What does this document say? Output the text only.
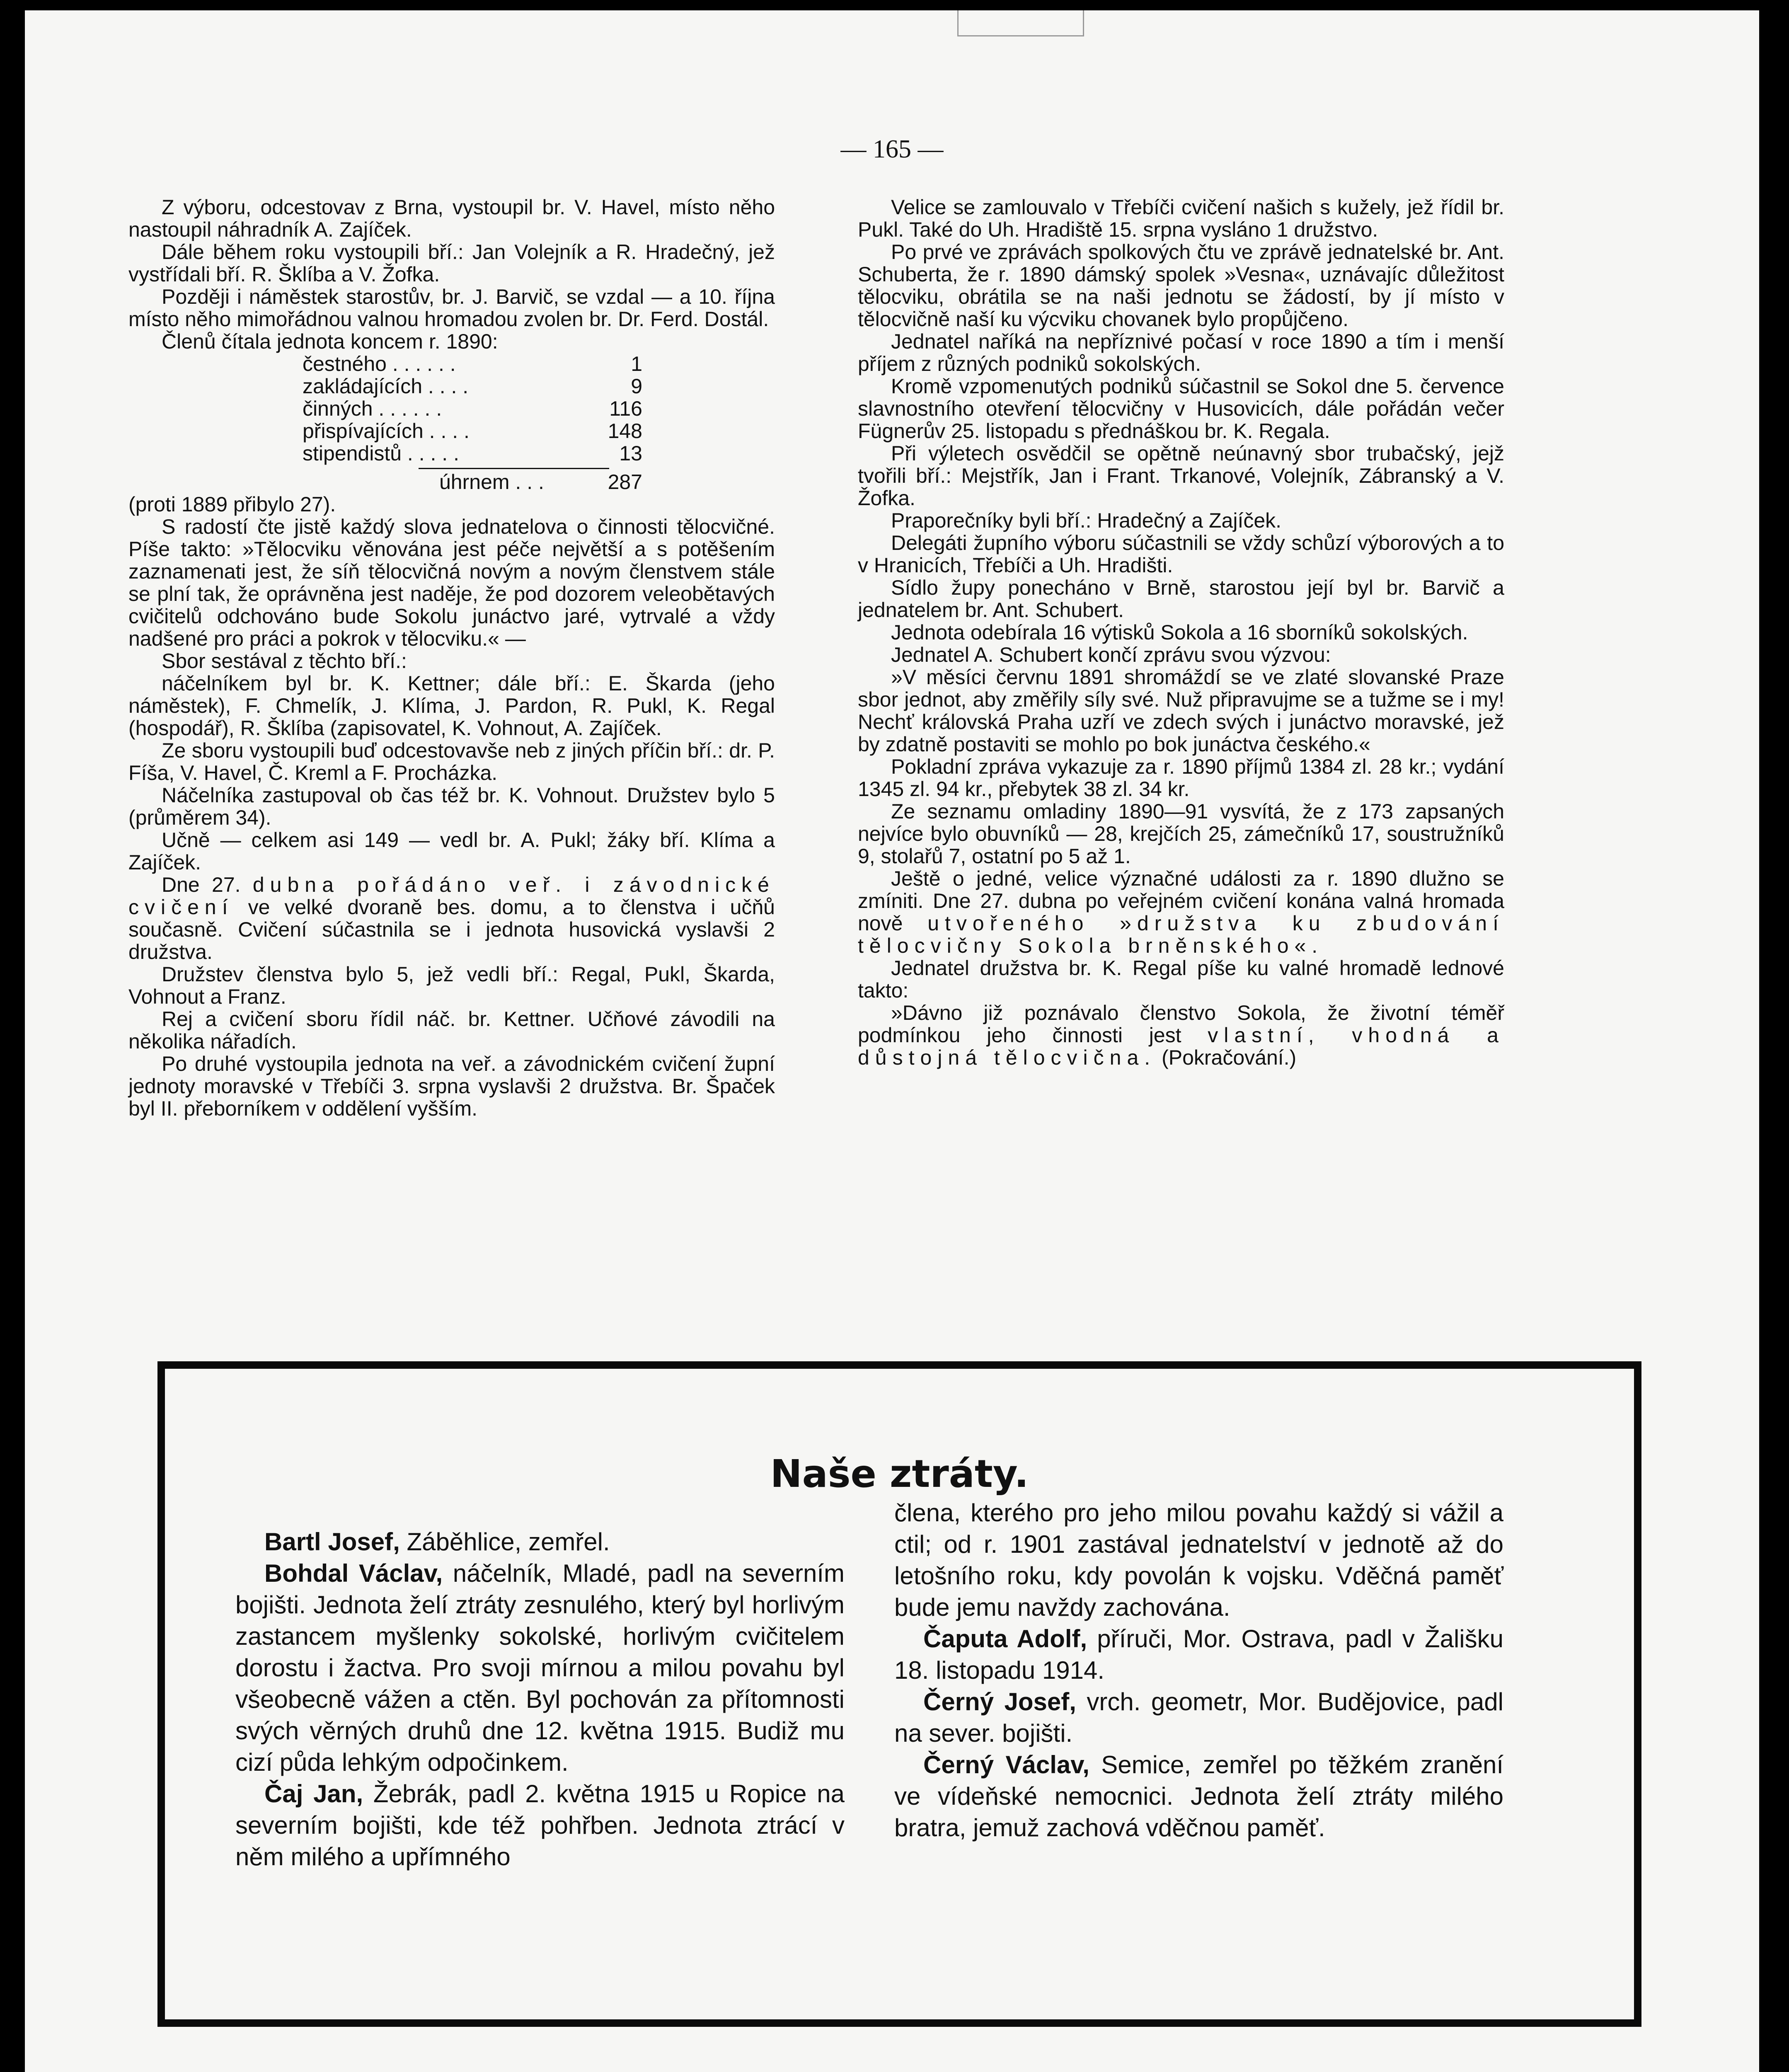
— 165 —

Z výboru, odcestovav z Brna, vystoupil br. V. Havel, místo něho nastoupil náhradník A. Zajíček.

Dále během roku vystoupili bří.: Jan Volejník a R. Hradečný, jež vystřídali bří. R. Šklíba a V. Žofka.

Později i náměstek starostův, br. J. Barvič, se vzdal — a 10. října místo něho mimořádnou valnou hromadou zvolen br. Dr. Ferd. Dostál.

Členů čítala jednota koncem r. 1890:

čestného . . . . . .	1
zakládajících . . . .	9
činných . . . . . .	116
přispívajících . . . .	148
stipendistů . . . . .	13
úhrnem . . .	287

(proti 1889 přibylo 27).

S radostí čte jistě každý slova jednatelova o činnosti tělocvičné. Píše takto: »Tělocviku věnována jest péče největší a s potěšením zaznamenati jest, že síň tělocvičná novým a novým členstvem stále se plní tak, že oprávněna jest naděje, že pod dozorem veleobětavých cvičitelů odchováno bude Sokolu junáctvo jaré, vytrvalé a vždy nadšené pro práci a pokrok v tělocviku.« —

Sbor sestával z těchto bří.:

náčelníkem byl br. K. Kettner; dále bří.: E. Škarda (jeho náměstek), F. Chmelík, J. Klíma, J. Pardon, R. Pukl, K. Regal (hospodář), R. Šklíba (zapisovatel, K. Vohnout, A. Zajíček.

Ze sboru vystoupili buď odcestovavše neb z jiných příčin bří.: dr. P. Fíša, V. Havel, Č. Kreml a F. Procházka.

Náčelníka zastupoval ob čas též br. K. Vohnout. Družstev bylo 5 (průměrem 34).

Učně — celkem asi 149 — vedl br. A. Pukl; žáky bří. Klíma a Zajíček.

Dne 27. dubna pořádáno veř. i závodnické cvičení ve velké dvoraně bes. domu, a to členstva i učňů současně. Cvičení súčastnila se i jednota husovická vyslavši 2 družstva.

Družstev členstva bylo 5, jež vedli bří.: Regal, Pukl, Škarda, Vohnout a Franz.

Rej a cvičení sboru řídil náč. br. Kettner. Učňové závodili na několika nářadích.

Po druhé vystoupila jednota na veř. a závodnickém cvičení župní jednoty moravské v Třebíči 3. srpna vyslavši 2 družstva. Br. Špaček byl II. přeborníkem v oddělení vyšším.

Velice se zamlouvalo v Třebíči cvičení našich s kužely, jež řídil br. Pukl. Také do Uh. Hradiště 15. srpna vysláno 1 družstvo.

Po prvé ve zprávách spolkových čtu ve zprávě jednatelské br. Ant. Schuberta, že r. 1890 dámský spolek »Vesna«, uznávajíc důležitost tělocviku, obrátila se na naši jednotu se žádostí, by jí místo v tělocvičně naší ku výcviku chovanek bylo propůjčeno.

Jednatel naříká na nepříznivé počasí v roce 1890 a tím i menší příjem z různých podniků sokolských.

Kromě vzpomenutých podniků súčastnil se Sokol dne 5. července slavnostního otevření tělocvičny v Husovicích, dále pořádán večer Fügnerův 25. listopadu s přednáškou br. K. Regala.

Při výletech osvědčil se opětně neúnavný sbor trubačský, jejž tvořili bří.: Mejstřík, Jan i Frant. Trkanové, Volejník, Zábranský a V. Žofka.

Praporečníky byli bří.: Hradečný a Zajíček.

Delegáti župního výboru súčastnili se vždy schůzí výborových a to v Hranicích, Třebíči a Uh. Hradišti.

Sídlo župy ponecháno v Brně, starostou její byl br. Barvič a jednatelem br. Ant. Schubert.

Jednota odebírala 16 výtisků Sokola a 16 sborníků sokolských.

Jednatel A. Schubert končí zprávu svou výzvou:

»V měsíci červnu 1891 shromáždí se ve zlaté slovanské Praze sbor jednot, aby změřily síly své. Nuž připravujme se a tužme se i my! Nechť královská Praha uzří ve zdech svých i junáctvo moravské, jež by zdatně postaviti se mohlo po bok junáctva českého.«

Pokladní zpráva vykazuje za r. 1890 příjmů 1384 zl. 28 kr.; vydání 1345 zl. 94 kr., přebytek 38 zl. 34 kr.

Ze seznamu omladiny 1890—91 vysvítá, že z 173 zapsaných nejvíce bylo obuvníků — 28, krejčích 25, zámečníků 17, soustružníků 9, stolařů 7, ostatní po 5 až 1.

Ještě o jedné, velice význačné události za r. 1890 dlužno se zmíniti. Dne 27. dubna po veřejném cvičení konána valná hromada nově utvořeného »družstva ku zbudování tělocvičny Sokola brněnského«.

Jednatel družstva br. K. Regal píše ku valné hromadě lednové takto:

»Dávno již poznávalo členstvo Sokola, že životní téměř podmínkou jeho činnosti jest vlastní, vhodná a důstojná tělocvična. (Pokračování.)

Naše ztráty.

Bartl Josef, Záběhlice, zemřel.

Bohdal Václav, náčelník, Mladé, padl na severním bojišti. Jednota želí ztráty zesnulého, který byl horlivým zastancem myšlenky sokolské, horlivým cvičitelem dorostu i žactva. Pro svoji mírnou a milou povahu byl všeobecně vážen a ctěn. Byl pochován za přítomnosti svých věrných druhů dne 12. května 1915. Budiž mu cizí půda lehkým odpočinkem.

Čaj Jan, Žebrák, padl 2. května 1915 u Ropice na severním bojišti, kde též pohřben. Jednota ztrácí v něm milého a upřímného

člena, kterého pro jeho milou povahu každý si vážil a ctil; od r. 1901 zastával jednatelství v jednotě až do letošního roku, kdy povolán k vojsku. Vděčná paměť bude jemu navždy zachována.

Čaputa Adolf, příruči, Mor. Ostrava, padl v Žališku 18. listopadu 1914.

Černý Josef, vrch. geometr, Mor. Budějovice, padl na sever. bojišti.

Černý Václav, Semice, zemřel po těžkém zranění ve vídeňské nemocnici. Jednota želí ztráty milého bratra, jemuž zachová vděčnou paměť.
